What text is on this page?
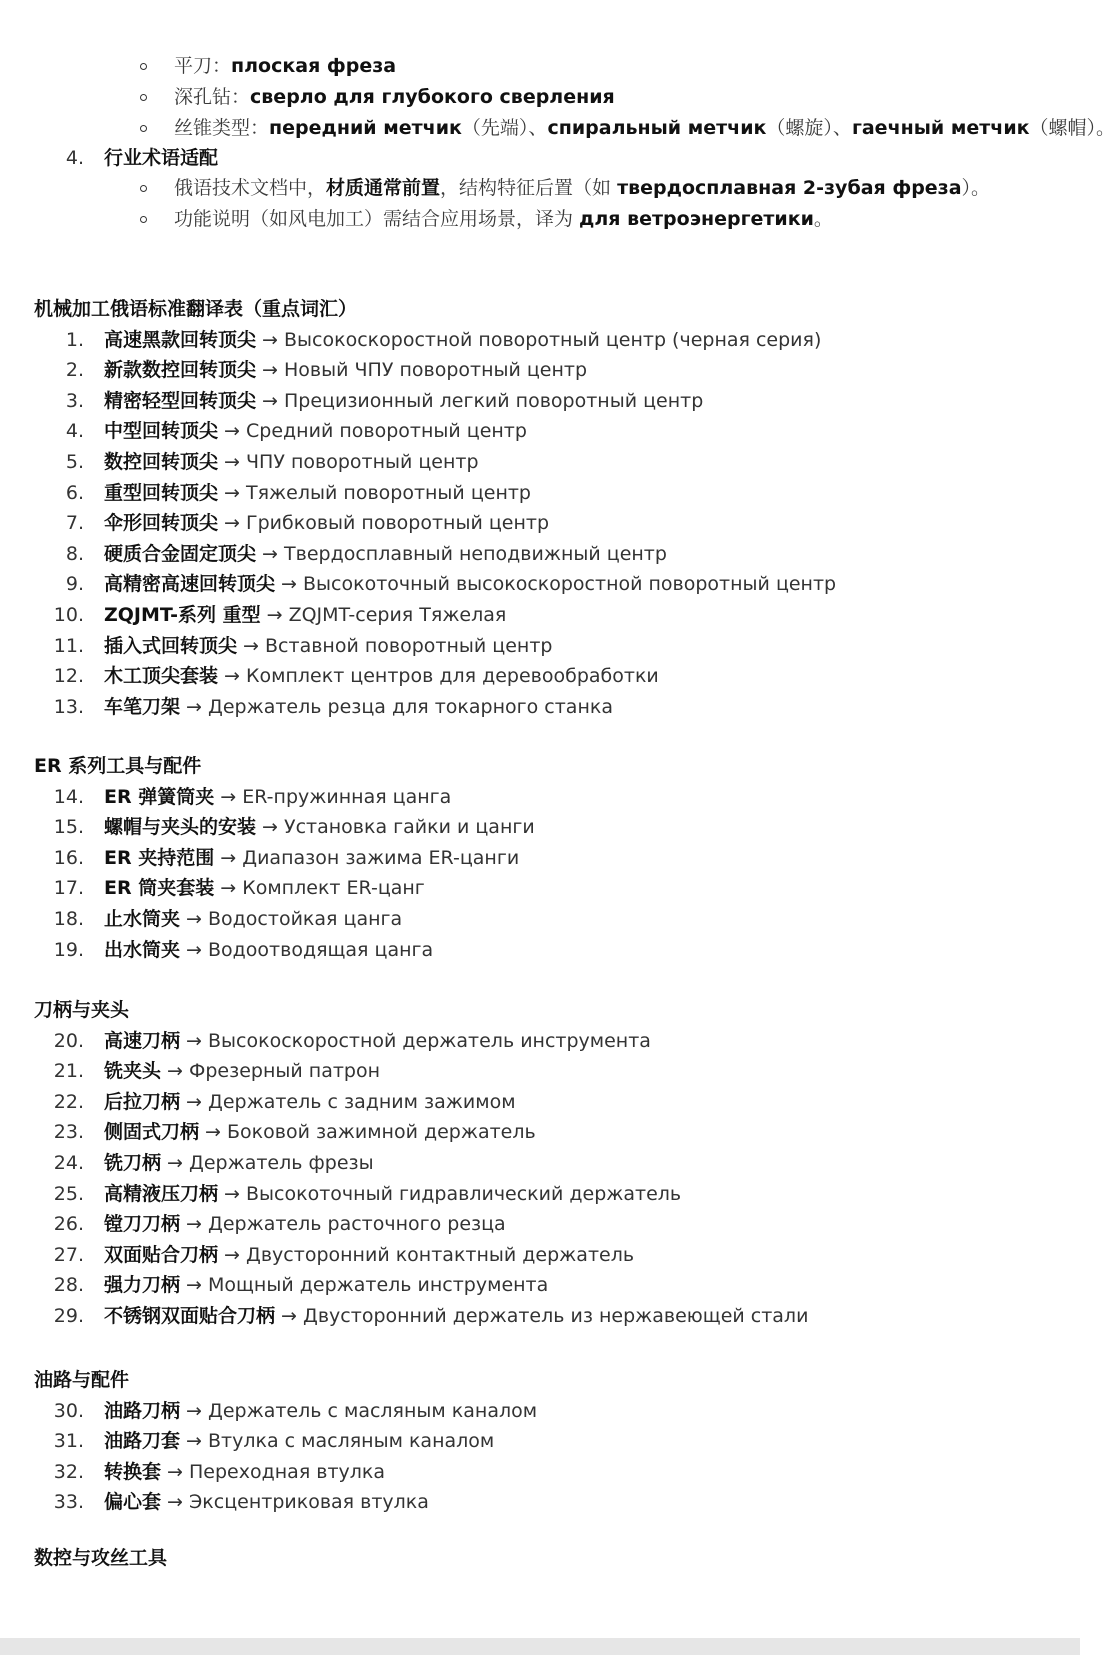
平刀：плоская фреза
深孔钻：сверло для глубокого сверления
丝锥类型：передний метчик（先端）、спиральный метчик（螺旋）、гаечный метчик（螺帽）。
4. 行业术语适配
俄语技术文档中，材质通常前置，结构特征后置（如 твердосплавная 2-зубая фреза）。
功能说明（如风电加工）需结合应用场景，译为 для ветроэнергетики。
机械加工俄语标准翻译表（重点词汇）
1. 高速黑款回转顶尖 → Высокоскоростной поворотный центр (черная серия)
2. 新款数控回转顶尖 → Новый ЧПУ поворотный центр
3. 精密轻型回转顶尖 → Прецизионный легкий поворотный центр
4. 中型回转顶尖 → Средний поворотный центр
5. 数控回转顶尖 → ЧПУ поворотный центр
6. 重型回转顶尖 → Тяжелый поворотный центр
7. 伞形回转顶尖 → Грибковый поворотный центр
8. 硬质合金固定顶尖 → Твердосплавный неподвижный центр
9. 高精密高速回转顶尖 → Высокоточный высокоскоростной поворотный центр
10. ZQJMT-系列 重型 → ZQJMT-серия Тяжелая
11. 插入式回转顶尖 → Вставной поворотный центр
12. 木工顶尖套装 → Комплект центров для деревообработки
13. 车笔刀架 → Держатель резца для токарного станка
ER 系列工具与配件
14. ER 弹簧筒夹 → ER-пружинная цанга
15. 螺帽与夹头的安装 → Установка гайки и цанги
16. ER 夹持范围 → Диапазон зажима ER-цанги
17. ER 筒夹套装 → Комплект ER-цанг
18. 止水筒夹 → Водостойкая цанга
19. 出水筒夹 → Водоотводящая цанга
刀柄与夹头
20. 高速刀柄 → Высокоскоростной держатель инструмента
21. 铣夹头 → Фрезерный патрон
22. 后拉刀柄 → Держатель с задним зажимом
23. 侧固式刀柄 → Боковой зажимной держатель
24. 铣刀柄 → Держатель фрезы
25. 高精液压刀柄 → Высокоточный гидравлический держатель
26. 镗刀刀柄 → Держатель расточного резца
27. 双面贴合刀柄 → Двусторонний контактный держатель
28. 强力刀柄 → Мощный держатель инструмента
29. 不锈钢双面贴合刀柄 → Двусторонний держатель из нержавеющей стали
油路与配件
30. 油路刀柄 → Держатель с масляным каналом
31. 油路刀套 → Втулка с масляным каналом
32. 转换套 → Переходная втулка
33. 偏心套 → Эксцентриковая втулка
数控与攻丝工具
